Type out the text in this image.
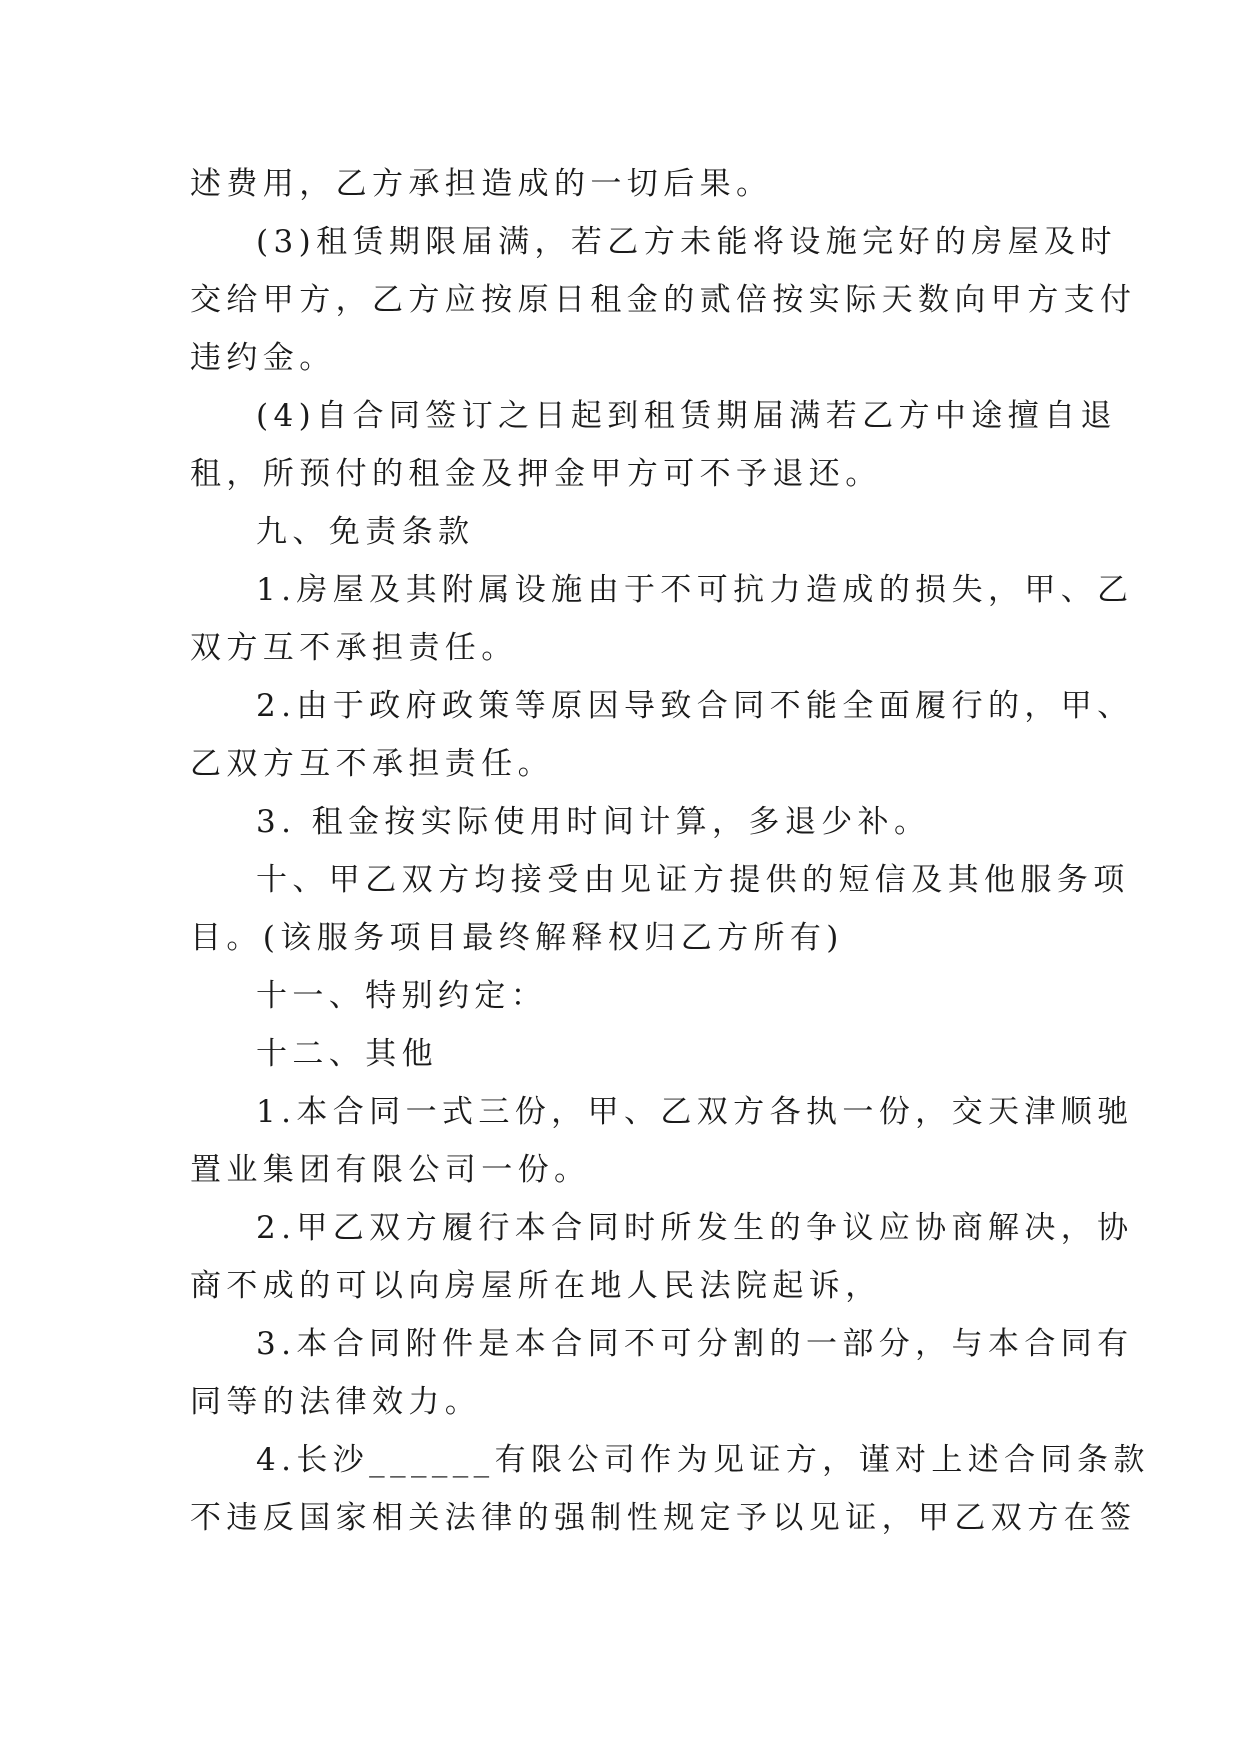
述费用，乙方承担造成的一切后果。
(3)租赁期限届满，若乙方未能将设施完好的房屋及时
交给甲方，乙方应按原日租金的贰倍按实际天数向甲方支付
违约金。
(4)自合同签订之日起到租赁期届满若乙方中途擅自退
租，所预付的租金及押金甲方可不予退还。
九、免责条款
1.房屋及其附属设施由于不可抗力造成的损失，甲、乙
双方互不承担责任。
2.由于政府政策等原因导致合同不能全面履行的，甲、
乙双方互不承担责任。
3. 租金按实际使用时间计算，多退少补。
十、甲乙双方均接受由见证方提供的短信及其他服务项
目。(该服务项目最终解释权归乙方所有)
十一、特别约定：
十二、其他
1.本合同一式三份，甲、乙双方各执一份，交天津顺驰
置业集团有限公司一份。
2.甲乙双方履行本合同时所发生的争议应协商解决，协
商不成的可以向房屋所在地人民法院起诉，
3.本合同附件是本合同不可分割的一部分，与本合同有
同等的法律效力。
4.长沙______有限公司作为见证方，谨对上述合同条款
不违反国家相关法律的强制性规定予以见证，甲乙双方在签
